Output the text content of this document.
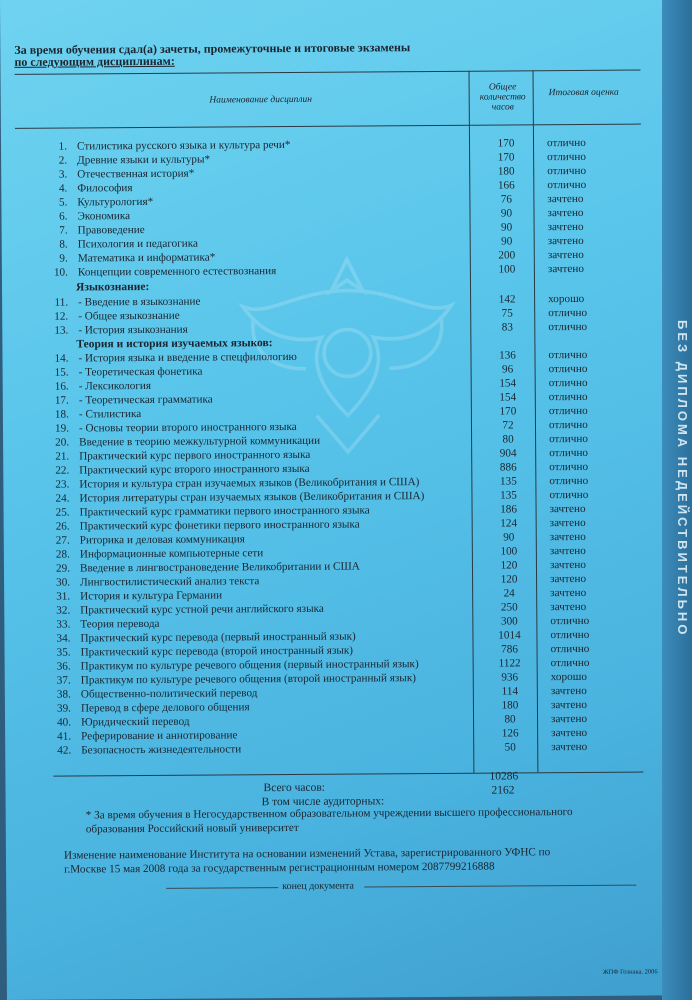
За время обучения сдал(а) зачеты, промежуточные и итоговые экзамены
по следующим дисциплинам:
Наименование дисциплин
Общее количество часов
Итоговая оценка
1. Стилистика русского языка и культура речи*	170	отлично
2. Древние языки и культуры*	170	отлично
3. Отечественная история*	180	отлично
4. Философия	166	отлично
5. Культурология*	76	зачтено
6. Экономика	90	зачтено
7. Правоведение	90	зачтено
8. Психология и педагогика	90	зачтено
9. Математика и информатика*	200	зачтено
10. Концепции современного естествознания	100	зачтено
11. - Введение в языкознание	142	хорошо
12. - Общее языкознание	75	отлично
13. - История языкознания	83	отлично
14. - История языка и введение в спецфилологию	136	отлично
15. - Теоретическая фонетика	96	отлично
16. - Лексикология	154	отлично
17. - Теоретическая грамматика	154	отлично
18. - Стилистика	170	отлично
19. - Основы теории второго иностранного языка	72	отлично
20. Введение в теорию межкультурной коммуникации	80	отлично
21. Практический курс первого иностранного языка	904	отлично
22. Практический курс второго иностранного языка	886	отлично
23. История и культура стран изучаемых языков (Великобритания и США)	135	отлично
24. История литературы стран изучаемых языков (Великобритания и США)	135	отлично
25. Практический курс грамматики первого иностранного языка	186	зачтено
26. Практический курс фонетики первого иностранного языка	124	зачтено
27. Риторика и деловая коммуникация	90	зачтено
28. Информационные компьютерные сети	100	зачтено
29. Введение в лингвострановедение Великобритании и США	120	зачтено
30. Лингвостилистический анализ текста	120	зачтено
31. История и культура Германии	24	зачтено
32. Практический курс устной речи английского языка	250	зачтено
33. Теория перевода	300	отлично
34. Практический курс перевода (первый иностранный язык)	1014	отлично
35. Практический курс перевода (второй иностранный язык)	786	отлично
36. Практикум по культуре речевого общения (первый иностранный язык)	1122	отлично
37. Практикум по культуре речевого общения (второй иностранный язык)	936	хорошо
38. Общественно-политический перевод	114	зачтено
39. Перевод в сфере делового общения	180	зачтено
40. Юридический перевод	80	зачтено
41. Реферирование и аннотирование	126	зачтено
42. Безопасность жизнедеятельности	50	зачтено
Языкознание:
Теория и история изучаемых языков:
Всего часов:
10286
В том числе аудиторных:
2162
* За время обучения в Негосударственном образовательном учреждении высшего профессионального
образования Российский новый университет
Изменение наименование Института на основании изменений Устава, зарегистрированного УФНС по
г.Москве 15 мая 2008 года за государственным регистрационным номером 2087799216888
конец документа
ЖПФ Гознака. 2006
БЕЗ ДИПЛОМА НЕДЕЙСТВИТЕЛЬНО
